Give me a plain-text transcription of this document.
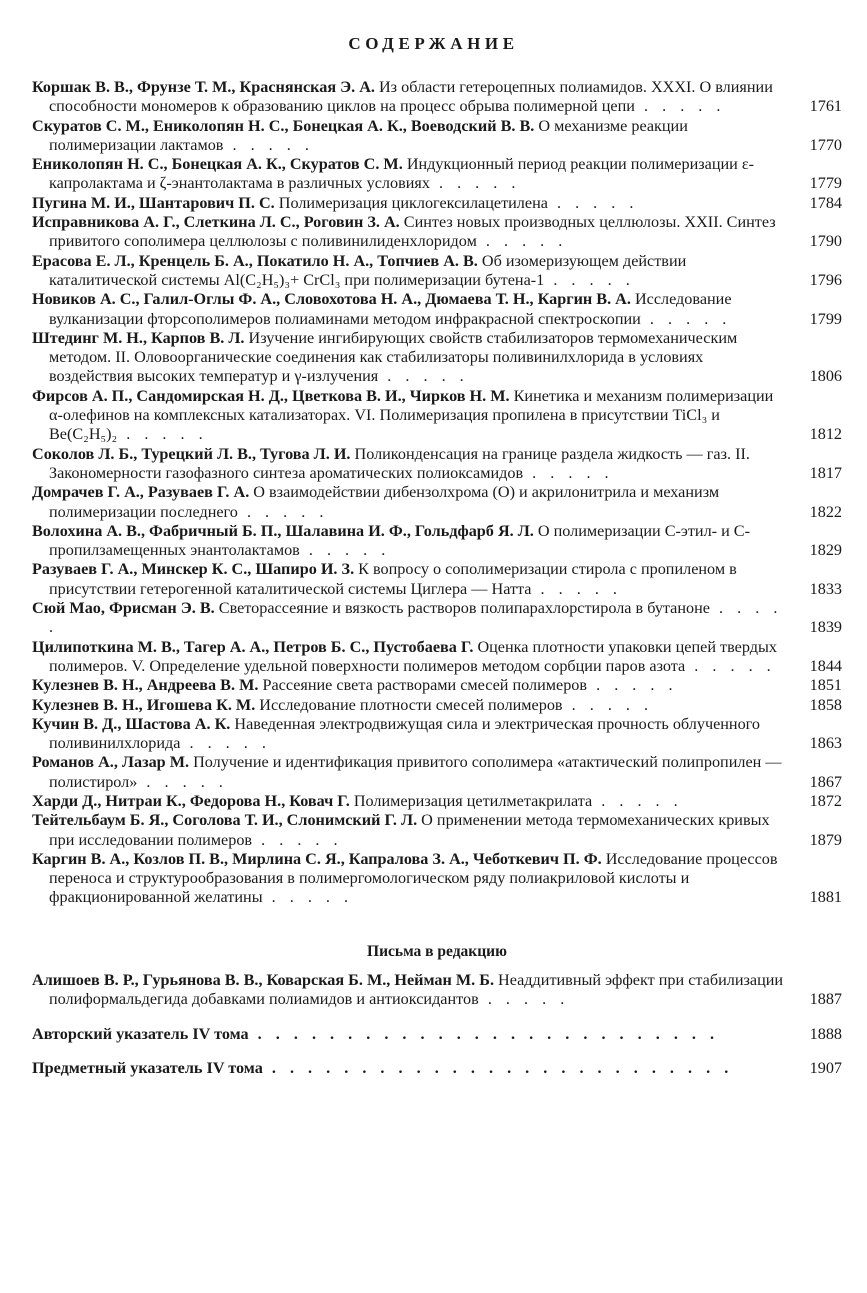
СОДЕРЖАНИЕ
Коршак В. В., Фрунзе Т. М., Краснянская Э. А. Из области гетероцепных полиамидов. XXXI. О влиянии способности мономеров к образованию циклов на процесс обрыва полимерной цепи . . . . .	1761
Скуратов С. М., Ениколопян Н. С., Бонецкая А. К., Воеводский В. В. О механизме реакции полимеризации лактамов . . . . .	1770
Ениколопян Н. С., Бонецкая А. К., Скуратов С. М. Индукционный период реакции полимеризации ε-капролактама и ζ-энантолактама в различных условиях . . . . .	1779
Пугина М. И., Шантарович П. С. Полимеризация циклогексилацетилена . . . . .	1784
Исправникова А. Г., Слеткина Л. С., Роговин З. А. Синтез новых производных целлюлозы. XXII. Синтез привитого сополимера целлюлозы с поливинилиденхлоридом . . . . .	1790
Ерасова Е. Л., Кренцель Б. А., Покатило Н. А., Топчиев А. В. Об изомеризующем действии каталитической системы Al(C₂H₅)₃+ CrCl₃ при полимеризации бутена-1 . . . . .	1796
Новиков А. С., Галил-Оглы Ф. А., Словохотова Н. А., Дюмаева Т. Н., Каргин В. А. Исследование вулканизации фторсополимеров полиаминами методом инфракрасной спектроскопии . . . . .	1799
Штединг М. Н., Карпов В. Л. Изучение ингибирующих свойств стабилизаторов термомеханическим методом. II. Оловоорганические соединения как стабилизаторы поливинилхлорида в условиях воздействия высоких температур и γ-излучения . . . . .	1806
Фирсов А. П., Сандомирская Н. Д., Цветкова В. И., Чирков Н. М. Кинетика и механизм полимеризации α-олефинов на комплексных катализаторах. VI. Полимеризация пропилена в присутствии TiCl₃ и Be(C₂H₅)₂ . . . . .	1812
Соколов Л. Б., Турецкий Л. В., Тугова Л. И. Поликонденсация на границе раздела жидкость — газ. II. Закономерности газофазного синтеза ароматических полиоксамидов . . . . .	1817
Домрачев Г. А., Разуваев Г. А. О взаимодействии дибензолхрома (О) и акрилонитрила и механизм полимеризации последнего . . . . .	1822
Волохина А. В., Фабричный Б. П., Шалавина И. Ф., Гольдфарб Я. Л. О полимеризации С-этил- и С-пропилзамещенных энантолактамов . . . . .	1829
Разуваев Г. А., Минскер К. С., Шапиро И. З. К вопросу о сополимеризации стирола с пропиленом в присутствии гетерогенной каталитической системы Циглера — Натта . . . . .	1833
Сюй Мао, Фрисман Э. В. Светорассеяние и вязкость растворов полипарахлорстирола в бутаноне . . . . .	1839
Цилипоткина М. В., Тагер А. А., Петров Б. С., Пустобаева Г. Оценка плотности упаковки цепей твердых полимеров. V. Определение удельной поверхности полимеров методом сорбции паров азота . . . . .	1844
Кулезнев В. Н., Андреева В. М. Рассеяние света растворами смесей полимеров . . . . .	1851
Кулезнев В. Н., Игошева К. М. Исследование плотности смесей полимеров . . . . .	1858
Кучин В. Д., Шастова А. К. Наведенная электродвижущая сила и электрическая прочность облученного поливинилхлорида . . . . .	1863
Романов А., Лазар М. Получение и идентификация привитого сополимера «атактический полипропилен — полистирол» . . . . .	1867
Харди Д., Нитраи К., Федорова Н., Ковач Г. Полимеризация цетилметакрилата . . . . .	1872
Тейтельбаум Б. Я., Соголова Т. И., Слонимский Г. Л. О применении метода термомеханических кривых при исследовании полимеров . . . . .	1879
Каргин В. А., Козлов П. В., Мирлина С. Я., Капралова З. А., Чеботкевич П. Ф. Исследование процессов переноса и структурообразования в полимергомологическом ряду полиакриловой кислоты и фракционированной желатины . . . . .	1881
Письма в редакцию
Алишоев В. Р., Гурьянова В. В., Коварская Б. М., Нейман М. Б. Неаддитивный эффект при стабилизации полиформальдегида добавками полиамидов и антиоксидантов . . . . .	1887
Авторский указатель IV тома . . . . . . . . . . . . . . . . . . . . . . . . . .	1888
Предметный указатель IV тома . . . . . . . . . . . . . . . . . . . . . . . . . .	1907
